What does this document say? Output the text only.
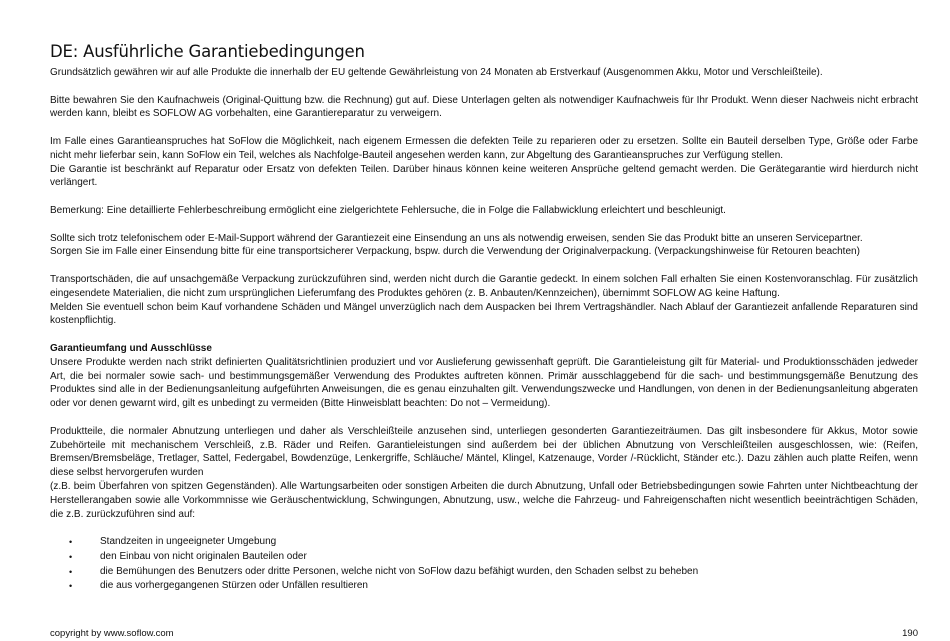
DE: Ausführliche Garantiebedingungen

Grundsätzlich gewähren wir auf alle Produkte die innerhalb der EU geltende Gewährleistung von 24 Monaten ab Erstverkauf (Ausgenommen Akku, Motor und Verschleißteile).

Bitte bewahren Sie den Kaufnachweis (Original-Quittung bzw. die Rechnung) gut auf. Diese Unterlagen gelten als notwendiger Kaufnachweis für Ihr Produkt. Wenn dieser Nachweis nicht erbracht werden kann, bleibt es SOFLOW AG vorbehalten, eine Garantiereparatur zu verweigern.

Im Falle eines Garantieanspruches hat SoFlow die Möglichkeit, nach eigenem Ermessen die defekten Teile zu reparieren oder zu ersetzen. Sollte ein Bauteil derselben Type, Größe oder Farbe nicht mehr lieferbar sein, kann SoFlow ein Teil, welches als Nachfolge-Bauteil angesehen werden kann, zur Abgeltung des Garantieanspruches zur Verfügung stellen.

Die Garantie ist beschränkt auf Reparatur oder Ersatz von defekten Teilen. Darüber hinaus können keine weiteren Ansprüche geltend gemacht werden. Die Gerätegarantie wird hierdurch nicht verlängert.

Bemerkung: Eine detaillierte Fehlerbeschreibung ermöglicht eine zielgerichtete Fehlersuche, die in Folge die Fallabwicklung erleichtert und beschleunigt.

Sollte sich trotz telefonischem oder E-Mail-Support während der Garantiezeit eine Einsendung an uns als notwendig erweisen, senden Sie das Produkt bitte an unseren Servicepartner.

Sorgen Sie im Falle einer Einsendung bitte für eine transportsicherer Verpackung, bspw. durch die Verwendung der Originalverpackung. (Verpackungshinweise für Retouren beachten)

Transportschäden, die auf unsachgemäße Verpackung zurückzuführen sind, werden nicht durch die Garantie gedeckt. In einem solchen Fall erhalten Sie einen Kostenvoranschlag. Für zusätzlich eingesendete Materialien, die nicht zum ursprünglichen Lieferumfang des Produktes gehören (z. B. Anbauten/Kennzeichen), übernimmt SOFLOW AG keine Haftung.

Melden Sie eventuell schon beim Kauf vorhandene Schäden und Mängel unverzüglich nach dem Auspacken bei Ihrem Vertragshändler. Nach Ablauf der Garantiezeit anfallende Reparaturen sind kostenpflichtig.

Garantieumfang und Ausschlüsse

Unsere Produkte werden nach strikt definierten Qualitätsrichtlinien produziert und vor Auslieferung gewissenhaft geprüft. Die Garantieleistung gilt für Material- und Produktionsschäden jedweder Art, die bei normaler sowie sach- und bestimmungsgemäßer Verwendung des Produktes auftreten können. Primär ausschlaggebend für die sach- und bestimmungsgemäße Benutzung des Produktes sind alle in der Bedienungsanleitung aufgeführten Anweisungen, die es genau einzuhalten gilt. Verwendungszwecke und Handlungen, von denen in der Bedienungsanleitung abgeraten oder vor denen gewarnt wird, gilt es unbedingt zu vermeiden (Bitte Hinweisblatt beachten: Do not – Vermeidung).

Produktteile, die normaler Abnutzung unterliegen und daher als Verschleißteile anzusehen sind, unterliegen gesonderten Garantiezeiträumen. Das gilt insbesondere für Akkus, Motor sowie Zubehörteile mit mechanischem Verschleiß, z.B. Räder und Reifen. Garantieleistungen sind außerdem bei der üblichen Abnutzung von Verschleißteilen ausgeschlossen, wie: (Reifen, Bremsen/Bremsbeläge, Tretlager, Sattel, Federgabel, Bowdenzüge, Lenkergriffe, Schläuche/ Mäntel, Klingel, Katzenauge, Vorder /-Rücklicht, Ständer etc.). Dazu zählen auch platte Reifen, wenn diese selbst hervorgerufen wurden

(z.B. beim Überfahren von spitzen Gegenständen). Alle Wartungsarbeiten oder sonstigen Arbeiten die durch Abnutzung, Unfall oder Betriebsbedingungen sowie Fahrten unter Nichtbeachtung der Herstellerangaben sowie alle Vorkommnisse wie Geräuschentwicklung, Schwingungen, Abnutzung, usw., welche die Fahrzeug- und Fahreigenschaften nicht wesentlich beeinträchtigen Schäden, die z.B. zurückzuführen sind auf:

•	Standzeiten in ungeeigneter Umgebung
•	den Einbau von nicht originalen Bauteilen oder
•	die Bemühungen des Benutzers oder dritte Personen, welche nicht von SoFlow dazu befähigt wurden, den Schaden selbst zu beheben
•	die aus vorhergegangenen Stürzen oder Unfällen resultieren
copyright by www.soflow.com	190
